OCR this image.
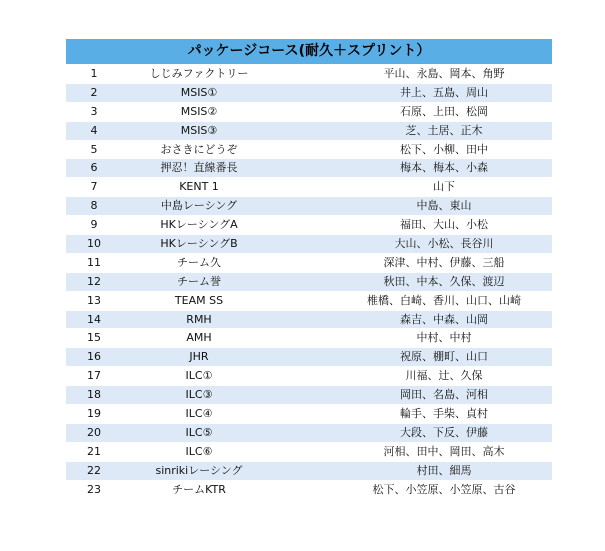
パッケージコース(耐久＋スプリント）
1	しじみファクトリー	平山、永島、岡本、角野
2	MSIS①	井上、五島、周山
3	MSIS②	石原、上田、松岡
4	MSIS③	芝、土居、正木
5	おさきにどうぞ	松下、小柳、田中
6	押忍！直線番長	梅本、梅本、小森
7	KENT 1	山下
8	中島レーシング	中島、東山
9	HKレーシングA	福田、大山、小松
10	HKレーシングB	大山、小松、長谷川
11	チーム久	深津、中村、伊藤、三船
12	チーム誉	秋田、中本、久保、渡辺
13	TEAM SS	椎橋、白崎、香川、山口、山崎
14	RMH	森吉、中森、山岡
15	AMH	中村、中村
16	JHR	祝原、棚町、山口
17	ILC①	川福、辻、久保
18	ILC③	岡田、名島、河相
19	ILC④	輪手、手柴、貞村
20	ILC⑤	大段、下反、伊藤
21	ILC⑥	河相、田中、岡田、高木
22	sinrikiレーシング	村田、細馬
23	チームKTR	松下、小笠原、小笠原、古谷
